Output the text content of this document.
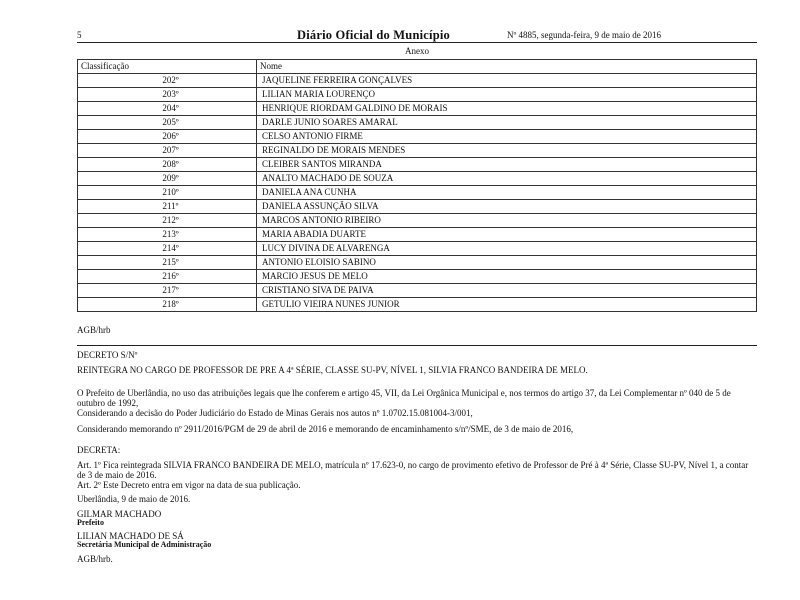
5	Diário Oficial do Município	Nº 4885, segunda-feira, 9 de maio de 2016
Anexo
Classificação	Nome
202º	JAQUELINE FERREIRA GONÇALVES
203º	LILIAN MARIA LOURENÇO
204º	HENRIQUE RIORDAM GALDINO DE MORAIS
205º	DARLE JUNIO SOARES AMARAL
206º	CELSO ANTONIO FIRME
207º	REGINALDO DE MORAIS MENDES
208º	CLEIBER SANTOS MIRANDA
209º	ANALTO MACHADO DE SOUZA
210º	DANIELA ANA CUNHA
211º	DANIELA ASSUNÇÃO SILVA
212º	MARCOS ANTONIO RIBEIRO
213º	MARIA ABADIA DUARTE
214º	LUCY DIVINA DE ALVARENGA
215º	ANTONIO ELOISIO SABINO
216º	MARCIO JESUS DE MELO
217º	CRISTIANO SIVA DE PAIVA
218º	GETULIO VIEIRA NUNES JUNIOR
AGB/hrb
DECRETO S/Nº
REINTEGRA NO CARGO DE PROFESSOR DE PRE A 4ª SÉRIE, CLASSE SU-PV, NÍVEL 1, SILVIA FRANCO BANDEIRA DE MELO.
O Prefeito de Uberlândia, no uso das atribuições legais que lhe conferem e artigo 45, VII, da Lei Orgânica Municipal e, nos termos do artigo 37, da Lei Complementar nº 040 de 5 de outubro de 1992,
Considerando a decisão do Poder Judiciário do Estado de Minas Gerais nos autos nº 1.0702.15.081004-3/001,
Considerando memorando nº 2911/2016/PGM de 29 de abril de 2016 e memorando de encaminhamento s/nº/SME, de 3 de maio de 2016,
DECRETA:
Art. 1º Fica reintegrada SILVIA FRANCO BANDEIRA DE MELO, matrícula nº 17.623-0, no cargo de provimento efetivo de Professor de Pré à 4ª Série, Classe SU-PV, Nível 1, a contar de 3 de maio de 2016.
Art. 2º Este Decreto entra em vigor na data de sua publicação.
Uberlândia, 9 de maio de 2016.
GILMAR MACHADO
Prefeito
LILIAN MACHADO DE SÁ
Secretária Municipal de Administração
AGB/hrb.
